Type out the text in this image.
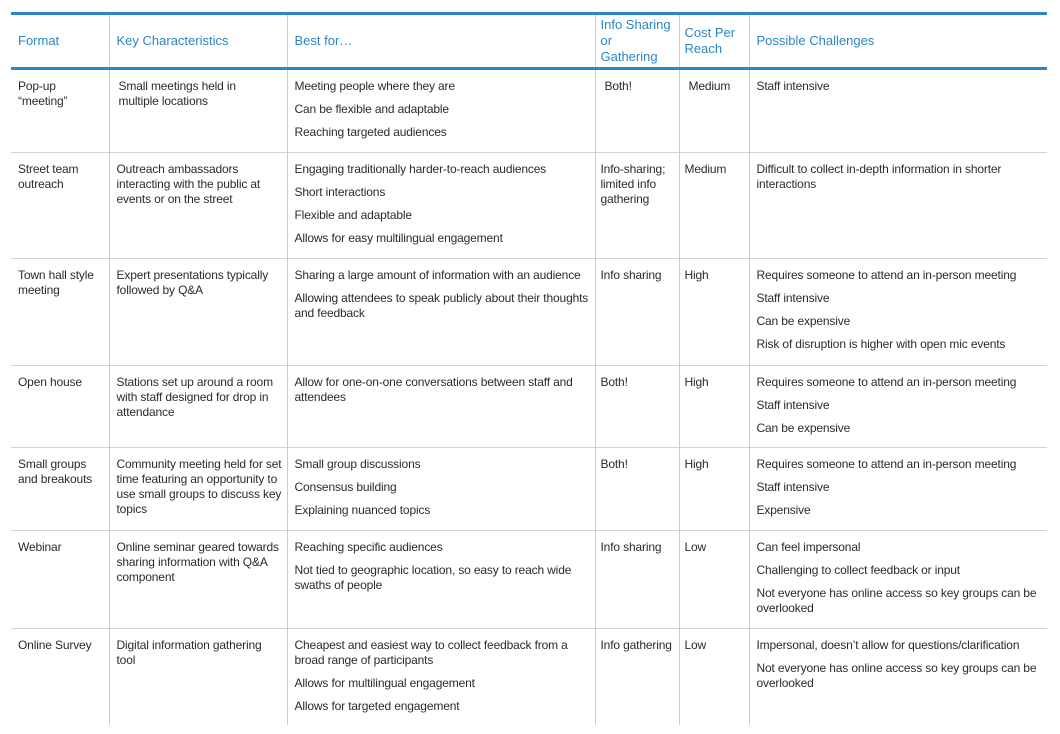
Format	Key Characteristics	Best for…	Info Sharing or Gathering	Cost Per Reach	Possible Challenges
Pop-up “meeting”	Small meetings held in multiple locations	Meeting people where they are
Can be flexible and adaptable
Reaching targeted audiences	Both!	Medium	Staff intensive

Street team outreach	Outreach ambassadors interacting with the public at events or on the street	Engaging traditionally harder-to-reach audiences
Short interactions
Flexible and adaptable
Allows for easy multilingual engagement	Info-sharing; limited info gathering	Medium	Difficult to collect in-depth information in shorter interactions

Town hall style meeting	Expert presentations typically followed by Q&A	Sharing a large amount of information with an audience
Allowing attendees to speak publicly about their thoughts and feedback	Info sharing	High	Requires someone to attend an in-person meeting
Staff intensive
Can be expensive
Risk of disruption is higher with open mic events

Open house	Stations set up around a room with staff designed for drop in attendance	Allow for one-on-one conversations between staff and attendees	Both!	High	Requires someone to attend an in-person meeting
Staff intensive
Can be expensive

Small groups and breakouts	Community meeting held for set time featuring an opportunity to use small groups to discuss key topics	Small group discussions
Consensus building
Explaining nuanced topics	Both!	High	Requires someone to attend an in-person meeting
Staff intensive
Expensive

Webinar	Online seminar geared towards sharing information with Q&A component	Reaching specific audiences
Not tied to geographic location, so easy to reach wide swaths of people	Info sharing	Low	Can feel impersonal
Challenging to collect feedback or input
Not everyone has online access so key groups can be overlooked

Online Survey	Digital information gathering tool	Cheapest and easiest way to collect feedback from a broad range of participants
Allows for multilingual engagement
Allows for targeted engagement	Info gathering	Low	Impersonal, doesn’t allow for questions/clarification
Not everyone has online access so key groups can be overlooked
